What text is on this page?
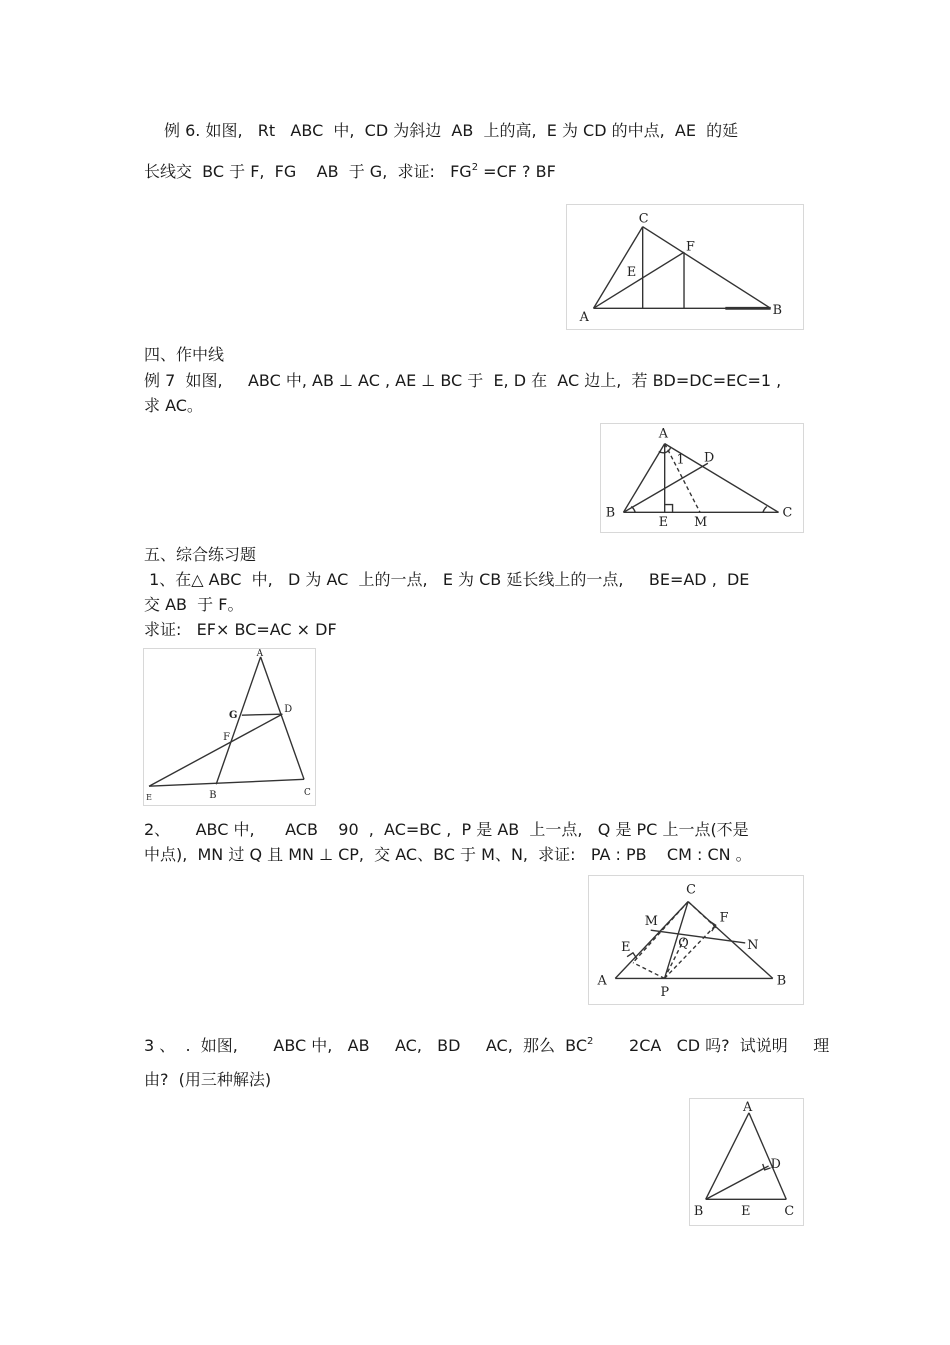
例 6. 如图,   Rt   ABC  中,  CD 为斜边  AB  上的高,  E 为 CD 的中点,  AE  的延
长线交  BC 于 F,  FG    AB  于 G,  求证:   $FG^2 =CF$ ? BF
C
F
E
A	B
四、作中线
例 7  如图,     ABC 中, AB ⊥ AC , AE ⊥ BC 于  E, D 在  AC 边上,  若 BD=DC=EC=1 ,
求 AC。
A
1 D
B
E M
C
五、综合练习题
1、在△ ABC  中,   D 为 AC  上的一点,   E 为 CB 延长线上的一点,     BE=AD ,  DE
交 AB  于 F。
求证:   EF× BC=AC × DF
A
G
D
F
E	B	C
2、     ABC 中,      ACB    90  ,  AC=BC ,  P 是 AB  上一点,   Q 是 PC 上一点(不是
中点),  MN 过 Q 且 MN ⊥ CP,  交 AC、BC 于 M、N,  求证:   PA : PB    CM : CN 。
C
M	F
Q	N
E
A
P
B
3 、  .  如图,       ABC 中,   AB     AC,   BD     AC,  那么  $BC^2$       2CA   CD 吗?  试说明     理
由?  (用三种解法)
A
D
B	E	C
